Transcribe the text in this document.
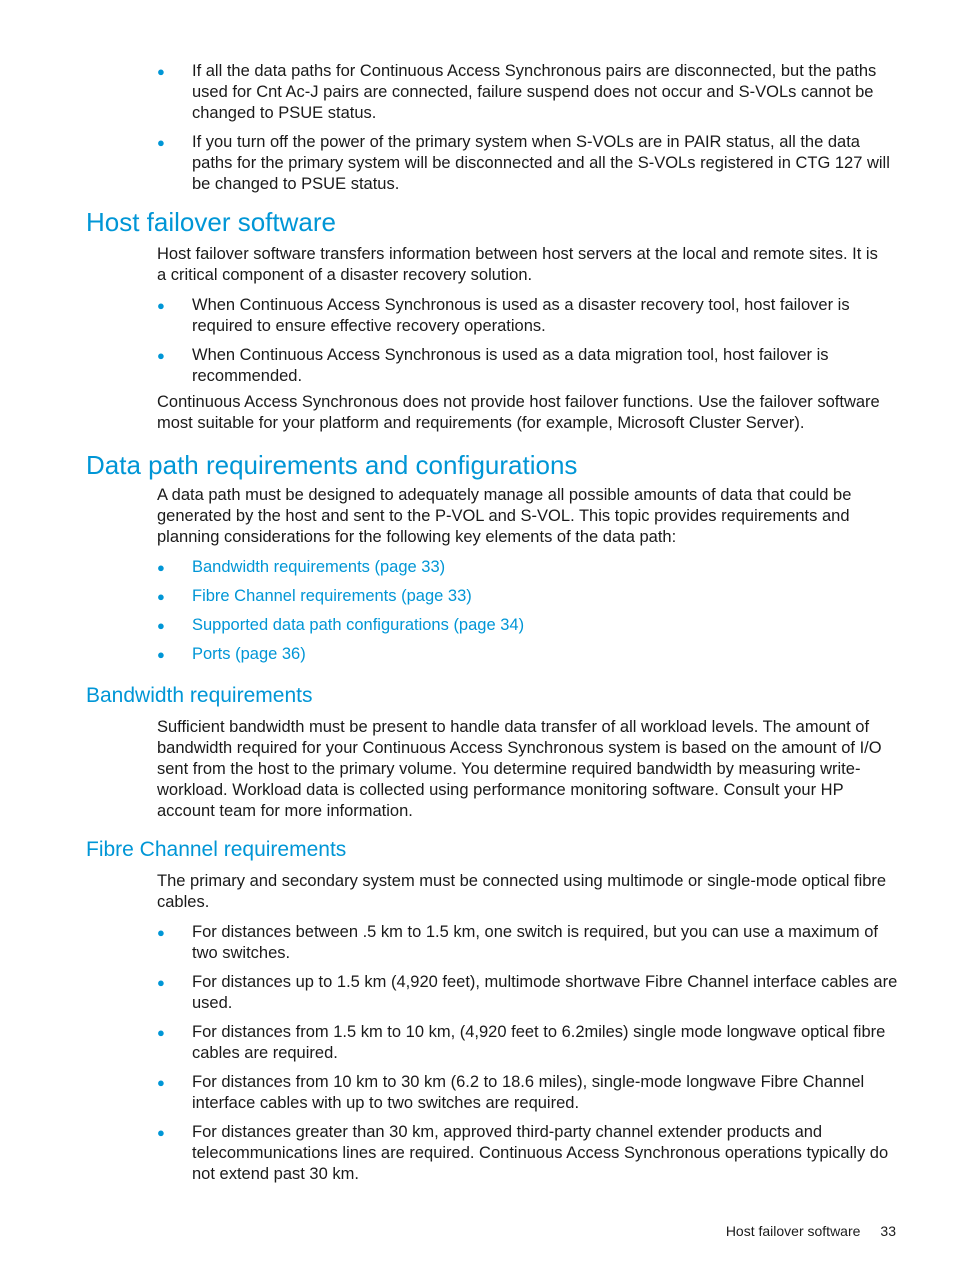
● If all the data paths for Continuous Access Synchronous pairs are disconnected, but the paths used for Cnt Ac-J pairs are connected, failure suspend does not occur and S-VOLs cannot be changed to PSUE status.
● If you turn off the power of the primary system when S-VOLs are in PAIR status, all the data paths for the primary system will be disconnected and all the S-VOLs registered in CTG 127 will be changed to PSUE status.
Host failover software

Host failover software transfers information between host servers at the local and remote sites. It is a critical component of a disaster recovery solution.

● When Continuous Access Synchronous is used as a disaster recovery tool, host failover is required to ensure effective recovery operations.
● When Continuous Access Synchronous is used as a data migration tool, host failover is recommended.

Continuous Access Synchronous does not provide host failover functions. Use the failover software most suitable for your platform and requirements (for example, Microsoft Cluster Server).

Data path requirements and configurations

A data path must be designed to adequately manage all possible amounts of data that could be generated by the host and sent to the P-VOL and S-VOL. This topic provides requirements and planning considerations for the following key elements of the data path:

● Bandwidth requirements (page 33)
● Fibre Channel requirements (page 33)
● Supported data path configurations (page 34)
● Ports (page 36)
Bandwidth requirements

Sufficient bandwidth must be present to handle data transfer of all workload levels. The amount of bandwidth required for your Continuous Access Synchronous system is based on the amount of I/O sent from the host to the primary volume. You determine required bandwidth by measuring write-workload. Workload data is collected using performance monitoring software. Consult your HP account team for more information.

Fibre Channel requirements

The primary and secondary system must be connected using multimode or single-mode optical fibre cables.

● For distances between .5 km to 1.5 km, one switch is required, but you can use a maximum of two switches.
● For distances up to 1.5 km (4,920 feet), multimode shortwave Fibre Channel interface cables are used.
● For distances from 1.5 km to 10 km, (4,920 feet to 6.2miles) single mode longwave optical fibre cables are required.
● For distances from 10 km to 30 km (6.2 to 18.6 miles), single-mode longwave Fibre Channel interface cables with up to two switches are required.
● For distances greater than 30 km, approved third-party channel extender products and telecommunications lines are required. Continuous Access Synchronous operations typically do not extend past 30 km.
Host failover software 33
